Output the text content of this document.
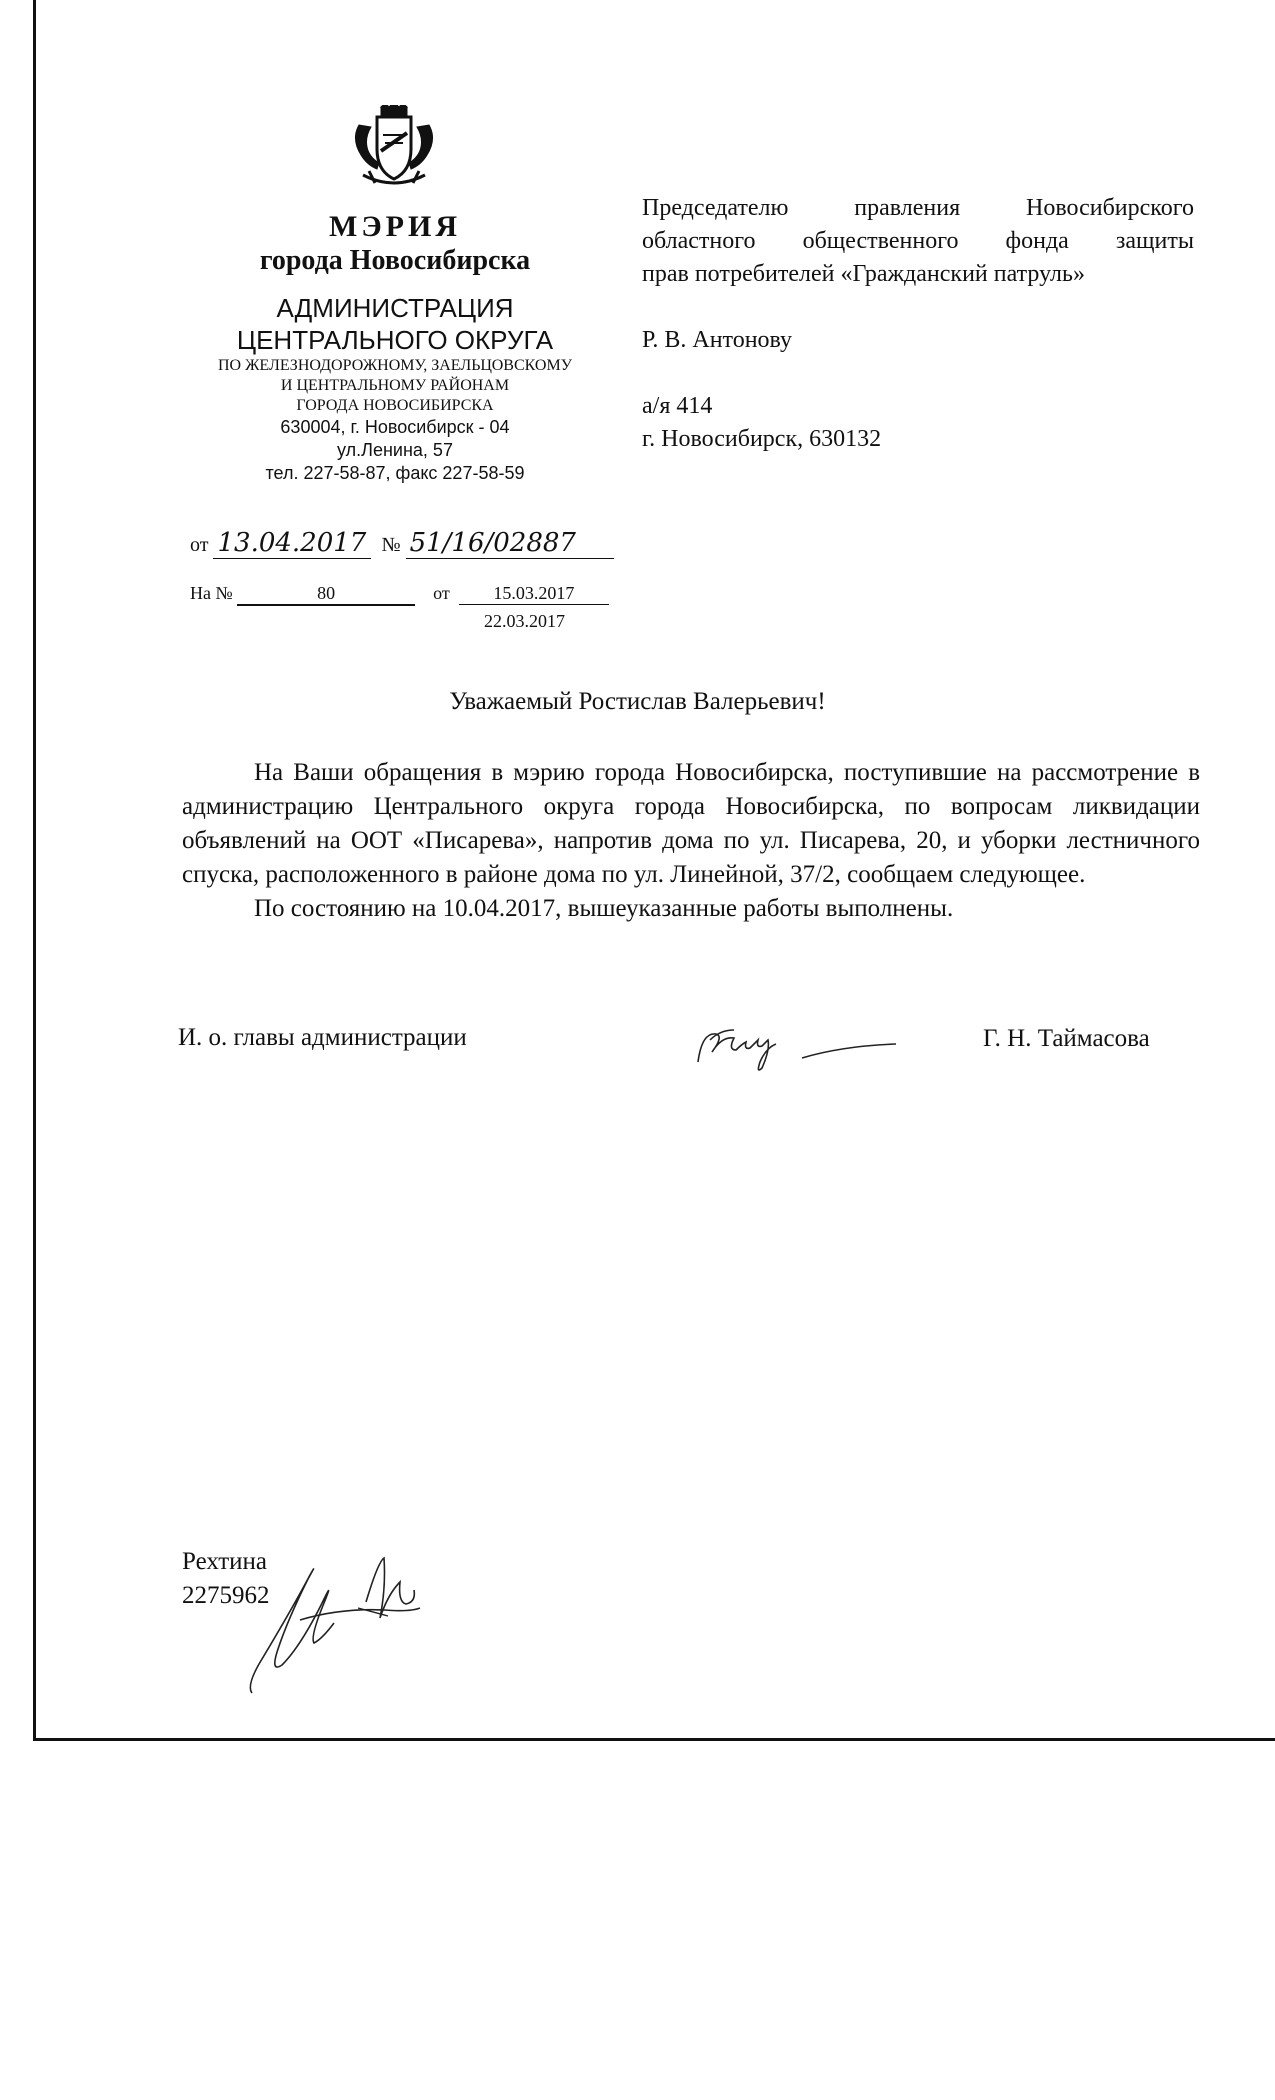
МЭРИЯ

города Новосибирска

АДМИНИСТРАЦИЯ

ЦЕНТРАЛЬНОГО ОКРУГА

ПО ЖЕЛЕЗНОДОРОЖНОМУ, ЗАЕЛЬЦОВСКОМУ

И ЦЕНТРАЛЬНОМУ РАЙОНАМ

ГОРОДА НОВОСИБИРСКА

630004, г. Новосибирск - 04

ул.Ленина, 57

тел. 227-58-87, факс 227-58-59

от 13.04.2017 № 51/16/02887
На №	80	от 15.03.2017
22.03.2017

Председателю правления Новосибирского

областного общественного фонда защиты

прав потребителей «Гражданский патруль»

Р. В. Антонову

а/я 414

г. Новосибирск, 630132

Уважаемый Ростислав Валерьевич!

На Ваши обращения в мэрию города Новосибирска, поступившие на рассмотрение в администрацию Центрального округа города Новосибирска, по вопросам ликвидации объявлений на ООТ «Писарева», напротив дома по ул. Писарева, 20, и уборки лестничного спуска, расположенного в районе дома по ул. Линейной, 37/2, сообщаем следующее.

По состоянию на 10.04.2017, вышеуказанные работы выполнены.

И. о. главы администрации	Г. Н. Таймасова
Рехтина
2275962
